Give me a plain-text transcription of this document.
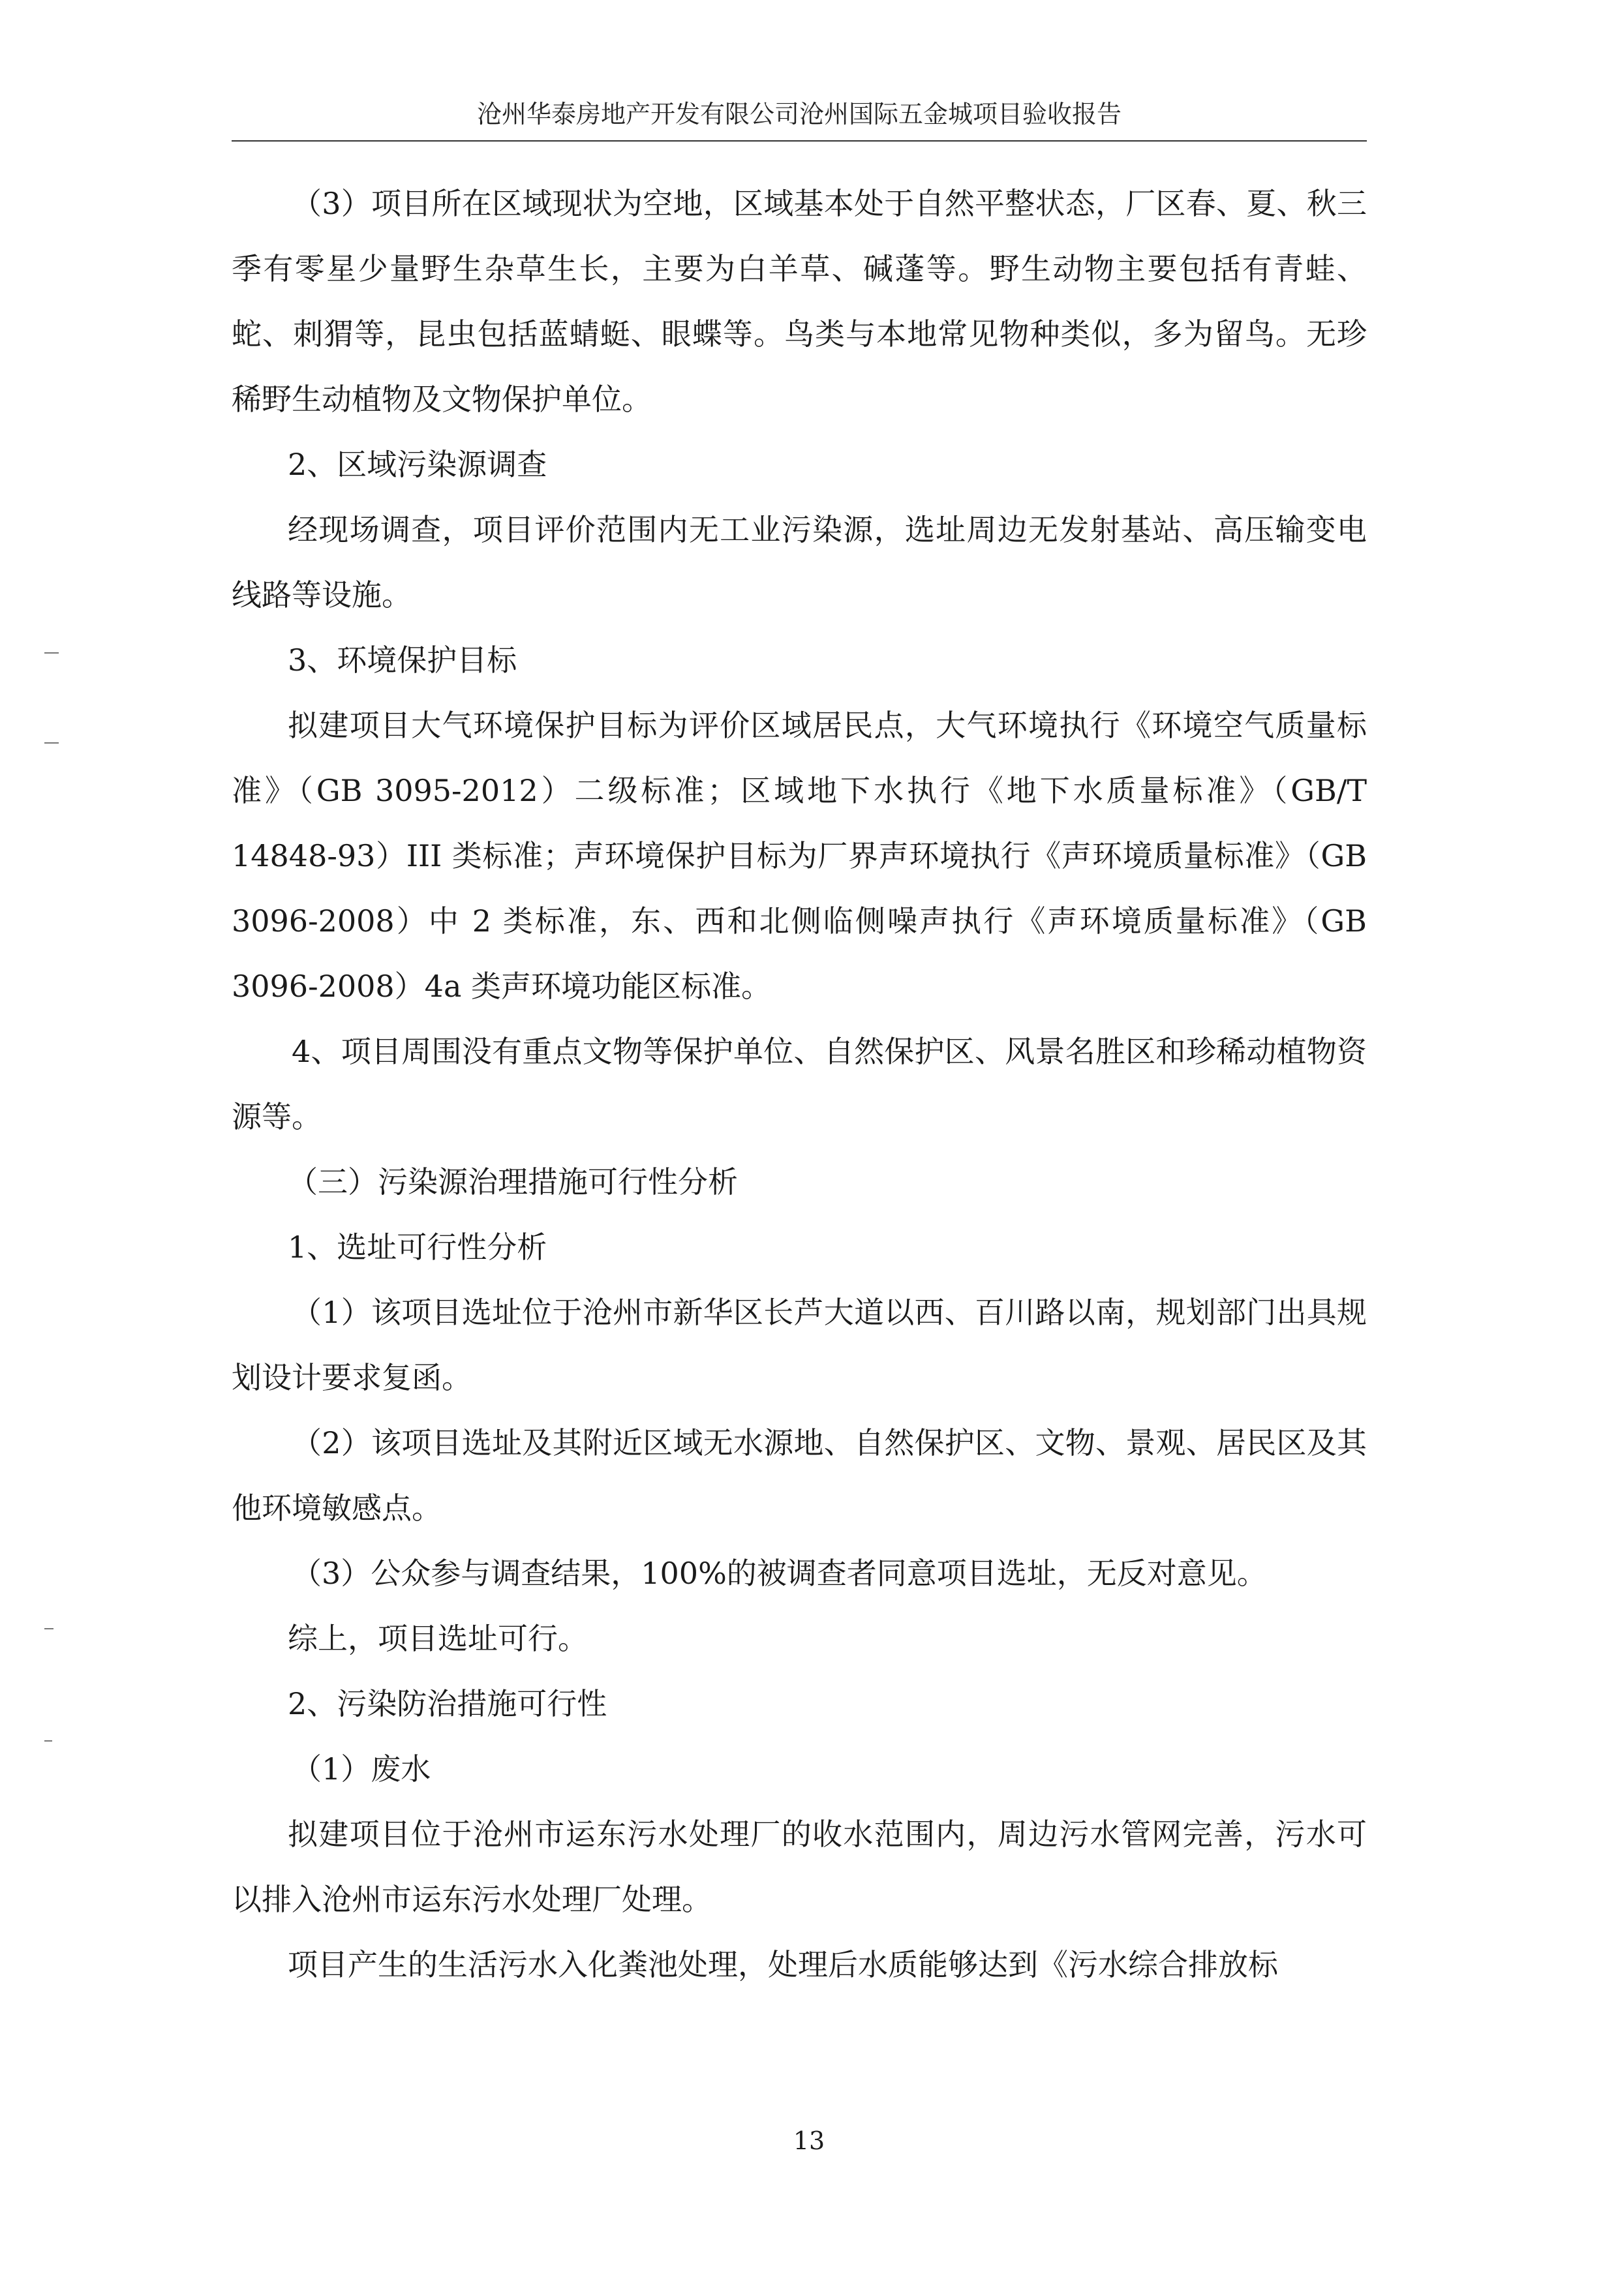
沧州华泰房地产开发有限公司沧州国际五金城项目验收报告

（3）项目所在区域现状为空地，区域基本处于自然平整状态，厂区春、夏、秋三季有零星少量野生杂草生长，主要为白羊草、碱蓬等。野生动物主要包括有青蛙、蛇、刺猬等，昆虫包括蓝蜻蜓、眼蝶等。鸟类与本地常见物种类似，多为留鸟。无珍稀野生动植物及文物保护单位。

2、区域污染源调查

经现场调查，项目评价范围内无工业污染源，选址周边无发射基站、高压输变电线路等设施。

3、环境保护目标

拟建项目大气环境保护目标为评价区域居民点，大气环境执行《环境空气质量标准》（GB 3095-2012）二级标准；区域地下水执行《地下水质量标准》（GB/T 14848-93）III 类标准；声环境保护目标为厂界声环境执行《声环境质量标准》（GB 3096-2008）中 2 类标准，东、西和北侧临侧噪声执行《声环境质量标准》（GB 3096-2008）4a 类声环境功能区标准。

4、项目周围没有重点文物等保护单位、自然保护区、风景名胜区和珍稀动植物资源等。

（三）污染源治理措施可行性分析

1、选址可行性分析

（1）该项目选址位于沧州市新华区长芦大道以西、百川路以南，规划部门出具规划设计要求复函。

（2）该项目选址及其附近区域无水源地、自然保护区、文物、景观、居民区及其他环境敏感点。

（3）公众参与调查结果，100%的被调查者同意项目选址，无反对意见。

综上，项目选址可行。

2、污染防治措施可行性

（1）废水

拟建项目位于沧州市运东污水处理厂的收水范围内，周边污水管网完善，污水可以排入沧州市运东污水处理厂处理。

项目产生的生活污水入化粪池处理，处理后水质能够达到《污水综合排放标

13
